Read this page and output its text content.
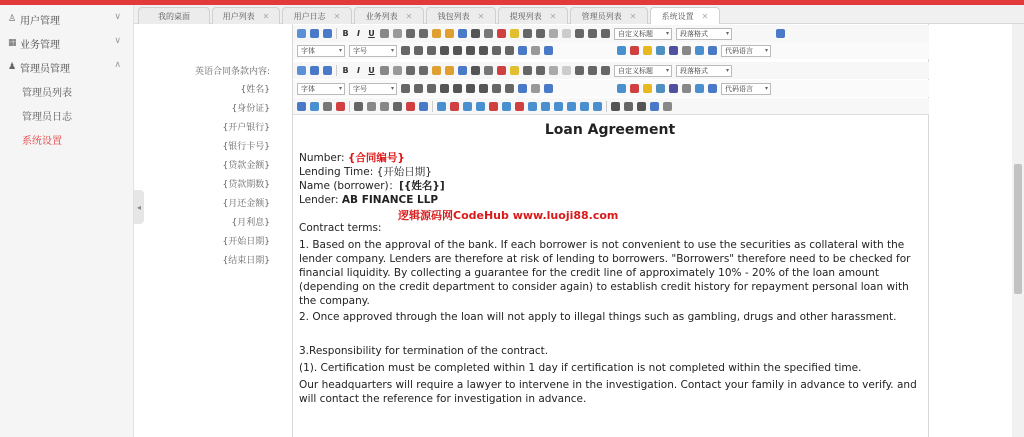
♙ 用户管理	∨
▦ 业务管理	∨
♟ 管理员管理	∧
管理员列表
管理员日志
系统设置
◂
我的桌面	用户列表 ✕	用户日志 ✕	业务列表 ✕	钱包列表 ✕	提现列表 ✕	管理员列表 ✕	系统设置 ✕
英语合同条款内容:
{姓名}
{身份证}
{开户银行}
{银行卡号}
{贷款金额}
{贷款期数}
{月还金额}
{月利息}
{开始日期}
{结束日期}
B	I	U	自定义标题 ▾	段落格式 ▾
字体 ▾	字号 ▾	代码语言 ▾
B	I	U	自定义标题 ▾	段落格式 ▾
字体 ▾	字号 ▾	代码语言 ▾

Loan Agreement

Number: {合同编号}

Lending Time: {开始日期}

Name (borrower)：[{姓名}]

Lender: AB FINANCE LLP

Contract terms:

1. Based on the approval of the bank. If each borrower is not convenient to use the securities as collateral with the lender company. Lenders are therefore at risk of lending to borrowers. "Borrowers" therefore need to be checked for financial liquidity. By collecting a guarantee for the credit line of approximately 10% - 20% of the loan amount (depending on the credit department to consider again) to establish credit history for repayment personal loan with the company.

2. Once approved through the loan will not apply to illegal things such as gambling, drugs and other harassment.

3.Responsibility for termination of the contract.

(1). Certification must be completed within 1 day if certification is not completed within the specified time.

Our headquarters will require a lawyer to intervene in the investigation. Contact your family in advance to verify. and will contact the reference for investigation in advance.

逻辑源码网CodeHub www.luoji88.com
